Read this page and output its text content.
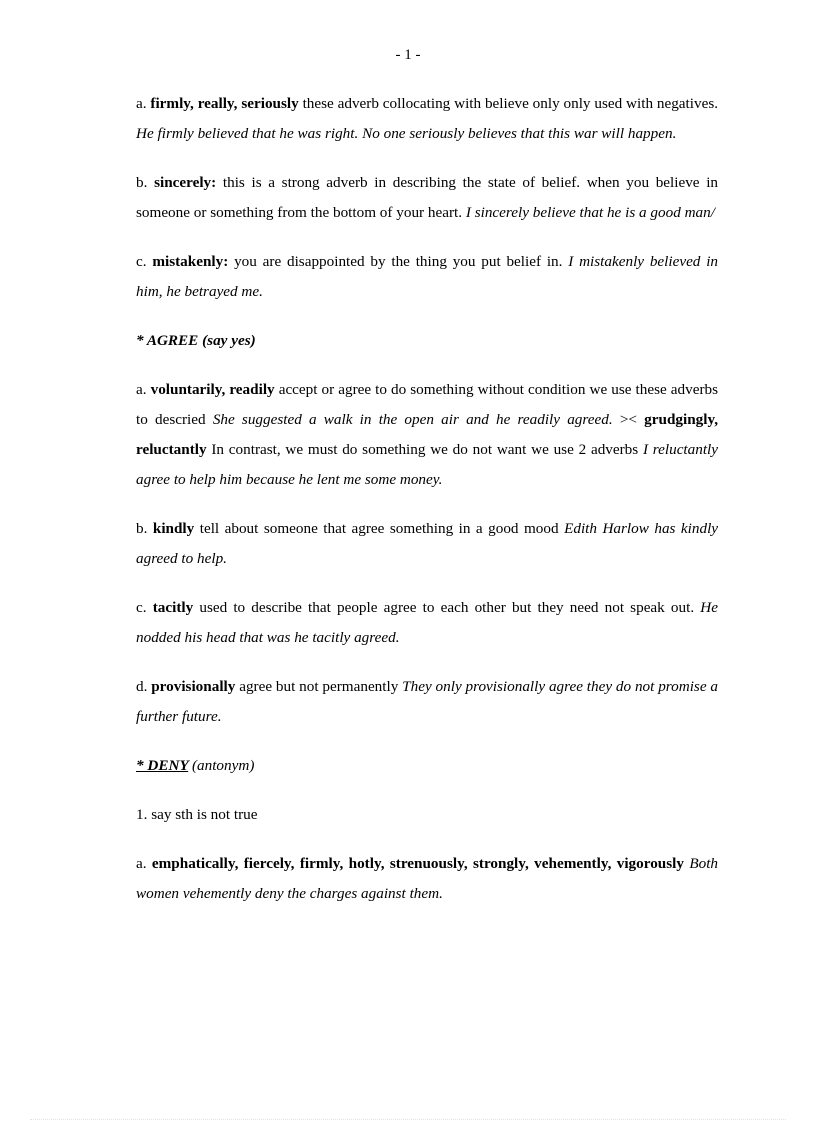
- 1 -

a. firmly, really, seriously these adverb collocating with believe only only used with negatives. He firmly believed that he was right. No one seriously believes that this war will happen.

b. sincerely: this is a strong adverb in describing the state of belief. when you believe in someone or something from the bottom of your heart. I sincerely believe that he is a good man/

c. mistakenly: you are disappointed by the thing you put belief in. I mistakenly believed in him, he betrayed me.

* AGREE (say yes)

a. voluntarily, readily accept or agree to do something without condition we use these adverbs to descried She suggested a walk in the open air and he readily agreed. >< grudgingly, reluctantly In contrast, we must do something we do not want we use 2 adverbs I reluctantly agree to help him because he lent me some money.

b. kindly tell about someone that agree something in a good mood Edith Harlow has kindly agreed to help.

c. tacitly used to describe that people agree to each other but they need not speak out. He nodded his head that was he tacitly agreed.

d. provisionally agree but not permanently They only provisionally agree they do not promise a further future.

* DENY (antonym)

1. say sth is not true

a. emphatically, fiercely, firmly, hotly, strenuously, strongly, vehemently, vigorously Both women vehemently deny the charges against them.
